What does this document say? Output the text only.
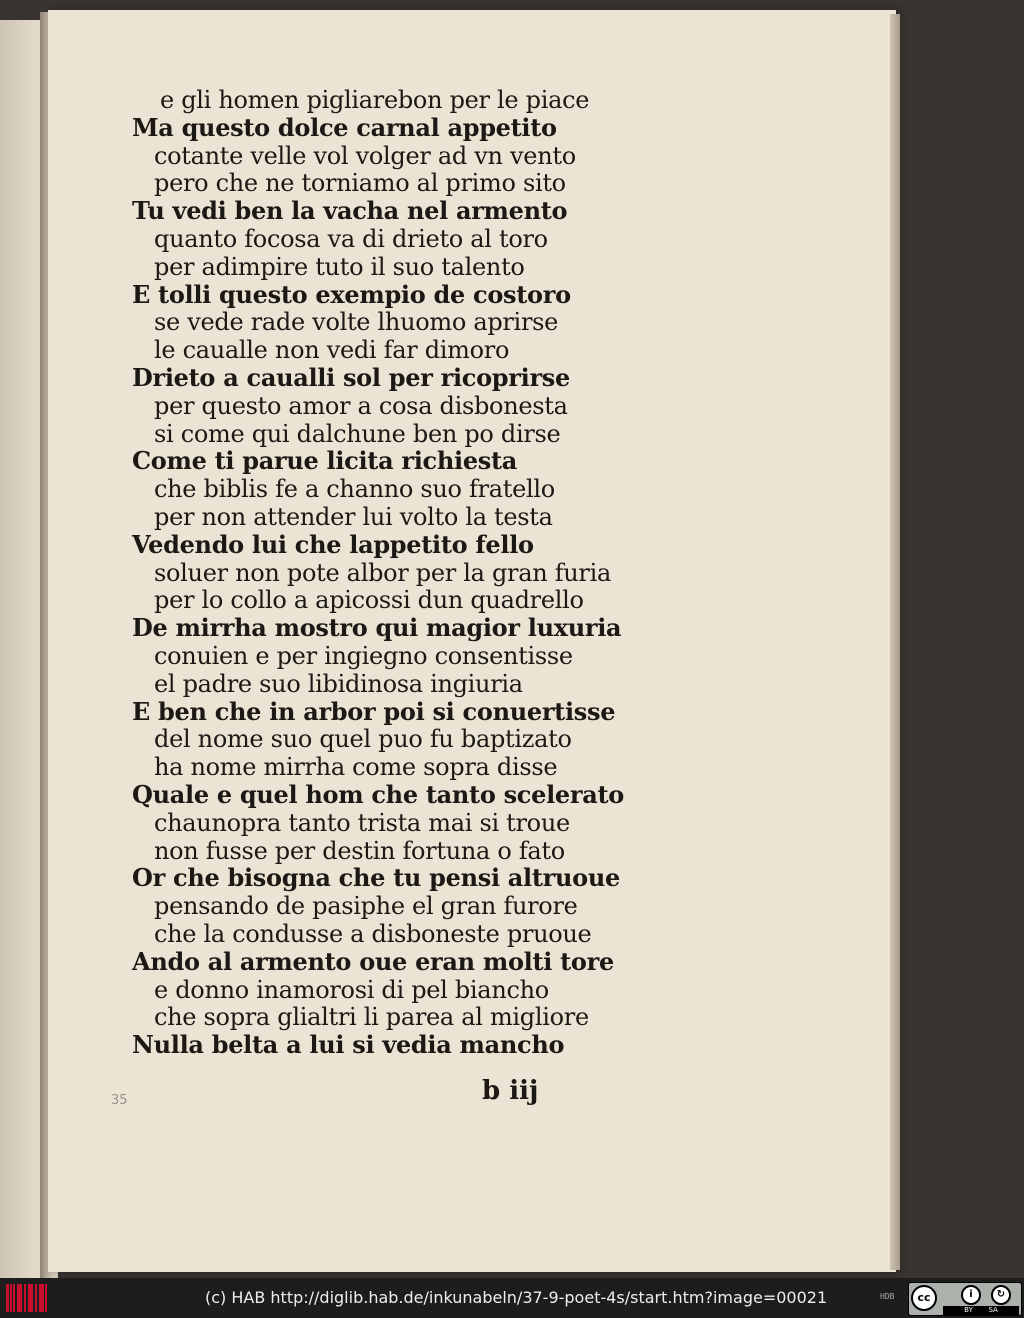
e gli homen pigliarebon per le piace
Ma questo dolce carnal appetito
cotante velle vol volger ad vn vento
pero che ne torniamo al primo sito
Tu vedi ben la vacha nel armento
quanto focosa va di drieto al toro
per adimpire tuto il suo talento
E tolli questo exempio de costoro
se vede rade volte lhuomo aprirse
le caualle non vedi far dimoro
Drieto a caualli sol per ricoprirse
per questo amor a cosa disbonesta
si come qui dalchune ben po dirse
Come ti parue licita richiesta
che biblis fe a channo suo fratello
per non attender lui volto la testa
Vedendo lui che lappetito fello
soluer non pote albor per la gran furia
per lo collo a apicossi dun quadrello
De mirrha mostro qui magior luxuria
conuien e per ingiegno consentisse
el padre suo libidinosa ingiuria
E ben che in arbor poi si conuertisse
del nome suo quel puo fu baptizato
ha nome mirrha come sopra disse
Quale e quel hom che tanto scelerato
chaunopra tanto trista mai si troue
non fusse per destin fortuna o fato
Or che bisogna che tu pensi altruoue
pensando de pasiphe el gran furore
che la condusse a disboneste pruoue
Ando al armento oue eran molti tore
e donno inamorosi di pel biancho
che sopra glialtri li parea al migliore
Nulla belta a lui si vedia mancho
b iij
35
(c) HAB http://diglib.hab.de/inkunabeln/37-9-poet-4s/start.htm?image=00021	HDB	cc	i	↻
BY SA
